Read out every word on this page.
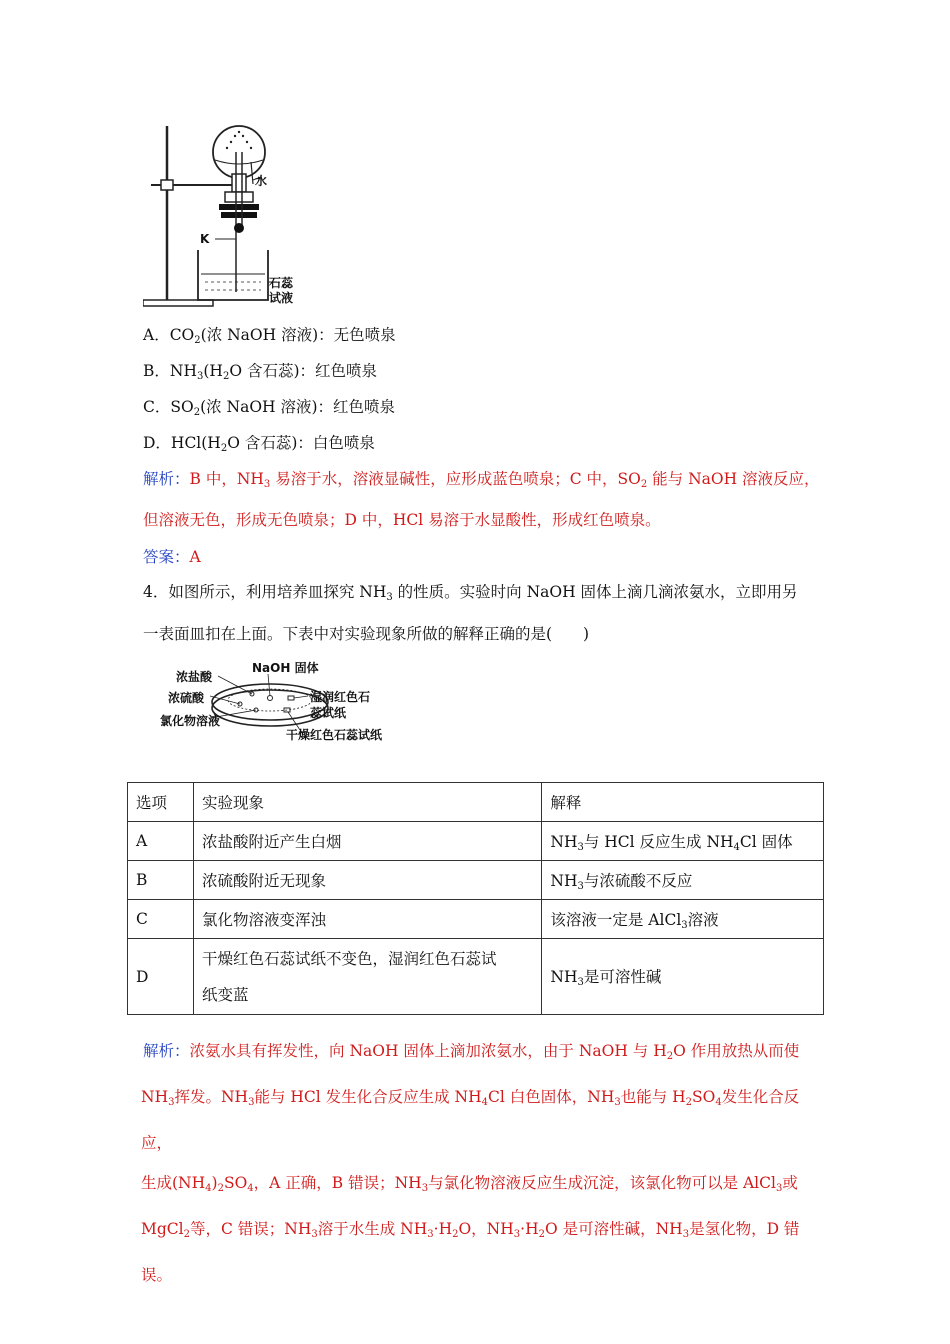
水
K
石蕊
试液
A．$CO_2$(浓 NaOH 溶液)：无色喷泉
B．$NH_3(H_2O$ 含石蕊)：红色喷泉
C．$SO_2$(浓 NaOH 溶液)：红色喷泉
D．$HCl(H_2O$ 含石蕊)：白色喷泉
解析：B 中，$NH_3$ 易溶于水，溶液显碱性，应形成蓝色喷泉；C 中，$SO_2$ 能与 NaOH 溶液反应，
但溶液无色，形成无色喷泉；D 中，HCl 易溶于水显酸性，形成红色喷泉。
答案：A
4．如图所示，利用培养皿探究 $NH_3$ 的性质。实验时向 NaOH 固体上滴几滴浓氨水，立即用另
一表面皿扣在上面。下表中对实验现象所做的解释正确的是(　　)
浓盐酸
NaOH 固体
浓硫酸	湿润红色石
蕊试纸
氯化物溶液
干燥红色石蕊试纸
选项	实验现象	解释
A	浓盐酸附近产生白烟	$NH_3$与 HCl 反应生成 $NH_4Cl$ 固体
B	浓硫酸附近无现象	$NH_3$与浓硫酸不反应
C	氯化物溶液变浑浊	该溶液一定是 AlCl$_3$溶液
D	干燥红色石蕊试纸不变色，湿润红色石蕊试
纸变蓝	$NH_3$是可溶性碱
解析：浓氨水具有挥发性，向 NaOH 固体上滴加浓氨水，由于 NaOH 与 $H_2O$ 作用放热从而使
$NH_3$挥发。$NH_3$能与 HCl 发生化合反应生成 $NH_4Cl$ 白色固体，$NH_3$也能与 $H_2SO_4$发生化合反应，
生成$(NH_4)_2SO_4$，A 正确，B 错误；$NH_3$与氯化物溶液反应生成沉淀，该氯化物可以是 AlCl$_3$或
MgCl$_2$等，C 错误；$NH_3$溶于水生成 $NH_3\cdot H_2O$，$NH_3\cdot H_2O$ 是可溶性碱，$NH_3$是氢化物，D 错误。
